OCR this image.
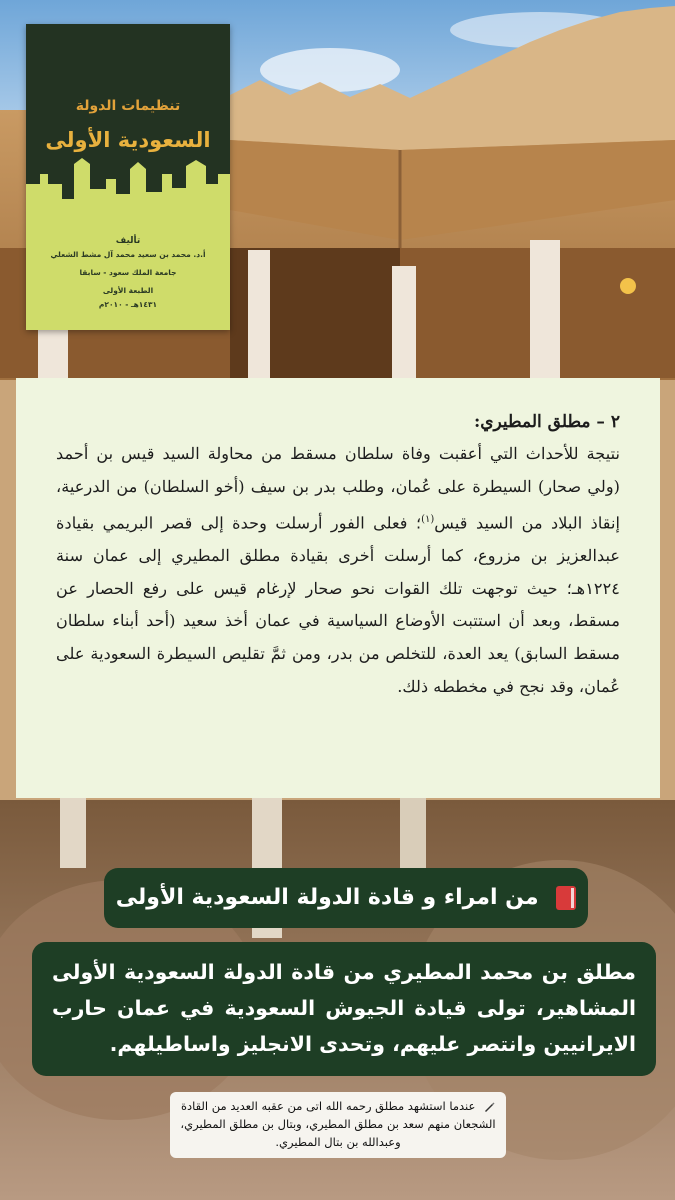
تنظيمات الدولة
السعودية الأولى
تأليف
أ.د. محمد بن سعيد محمد آل مشط الشعلي
جامعة الملك سعود - سابقا
الطبعة الأولى
١٤٣١هـ - ٢٠١٠م
٢ – مطلق المطيري:
نتيجة للأحداث التي أعقبت وفاة سلطان مسقط من محاولة السيد قيس بن أحمد (ولي صحار) السيطرة على عُمان، وطلب بدر بن سيف (أخو السلطان) من الدرعية، إنقاذ البلاد من السيد قيس$^{(١)}$؛ فعلى الفور أرسلت وحدة إلى قصر البريمي بقيادة عبدالعزيز بن مزروع، كما أرسلت أخرى بقيادة مطلق المطيري إلى عمان سنة ١٢٢٤هـ؛ حيث توجهت تلك القوات نحو صحار لإرغام قيس على رفع الحصار عن مسقط، وبعد أن استتبت الأوضاع السياسية في عمان أخذ سعيد (أحد أبناء سلطان مسقط السابق) يعد العدة، للتخلص من بدر، ومن ثمَّ تقليص السيطرة السعودية على عُمان، وقد نجح في مخططه ذلك.
من امراء و قادة الدولة السعودية الأولى
مطلق بن محمد المطيري من قادة الدولة السعودية الأولى المشاهير، تولى قيادة الجيوش السعودية في عمان حارب الايرانيين وانتصر عليهم، وتحدى الانجليز واساطيلهم.
عندما استشهد مطلق رحمه الله اتى من عقبه العديد من القادة الشجعان منهم سعد بن مطلق المطيري، وبتال بن مطلق المطيري، وعبدالله بن بتال المطيري.
